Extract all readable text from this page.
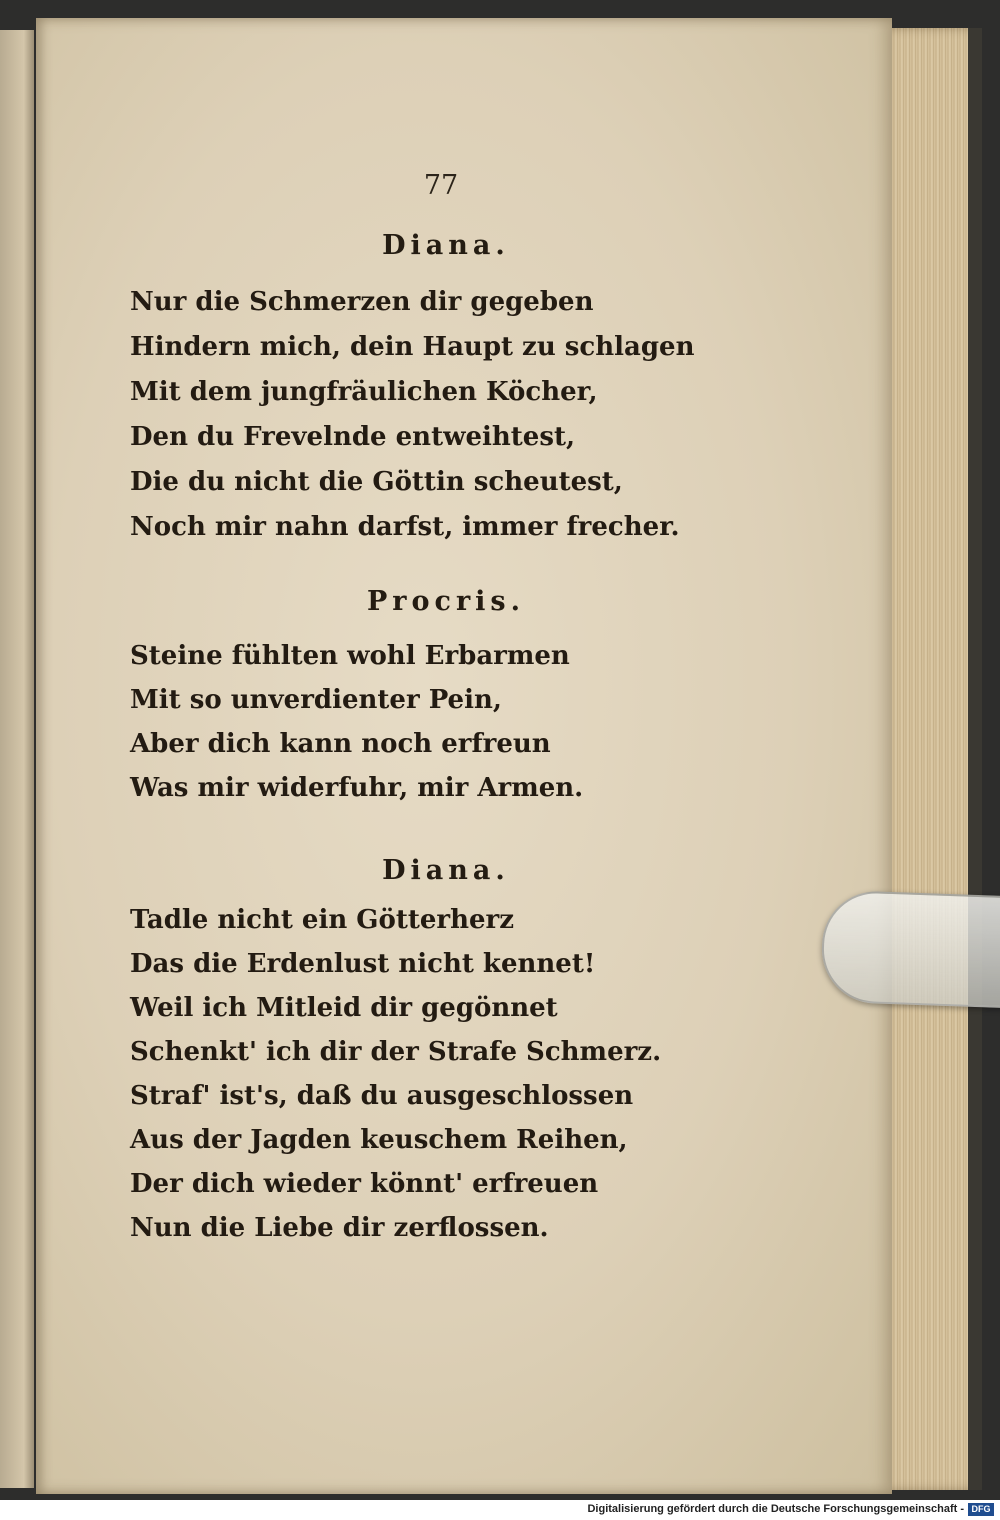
77
Diana.
Nur die Schmerzen dir gegeben
Hindern mich, dein Haupt zu schlagen
Mit dem jungfräulichen Köcher,
Den du Frevelnde entweihtest,
Die du nicht die Göttin scheutest,
Noch mir nahn darfst, immer frecher.
Procris.
Steine fühlten wohl Erbarmen
Mit so unverdienter Pein,
Aber dich kann noch erfreun
Was mir widerfuhr, mir Armen.
Diana.
Tadle nicht ein Götterherz
Das die Erdenlust nicht kennet!
Weil ich Mitleid dir gegönnet
Schenkt' ich dir der Strafe Schmerz.
Straf' ist's, daß du ausgeschlossen
Aus der Jagden keuschem Reihen,
Der dich wieder könnt' erfreuen
Nun die Liebe dir zerflossen.
Digitalisierung gefördert durch die Deutsche Forschungsgemeinschaft - DFG
